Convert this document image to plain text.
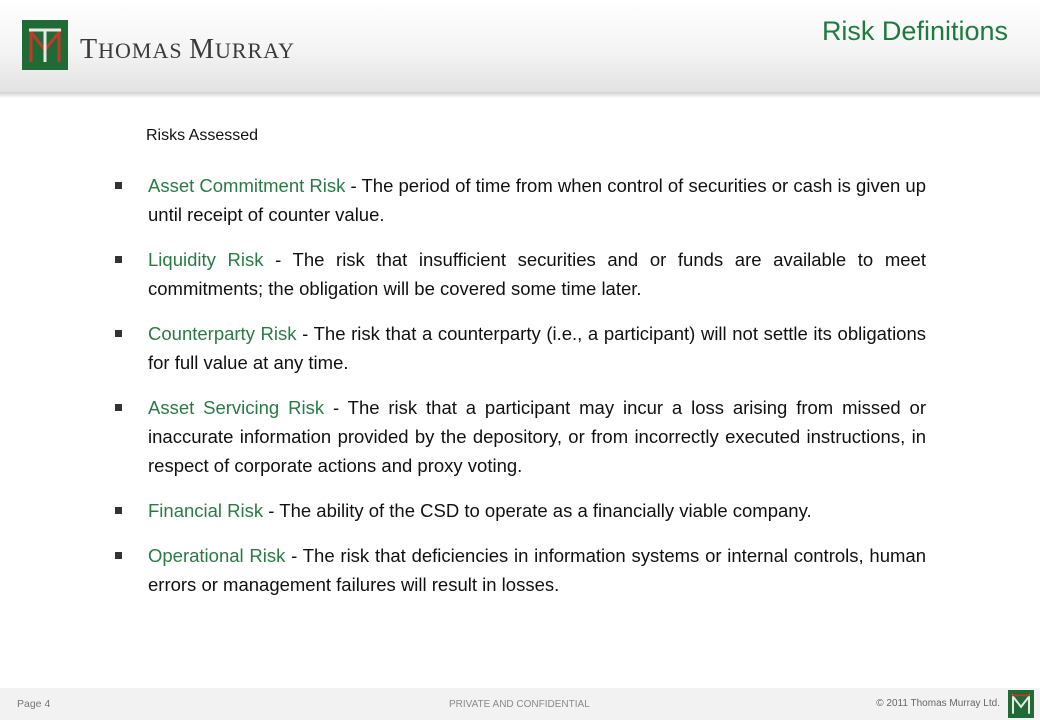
THOMAS MURRAY
Risk Definitions
Risks Assessed
Asset Commitment Risk - The period of time from when control of securities or cash is given up until receipt of counter value.
Liquidity Risk - The risk that insufficient securities and or funds are available to meet commitments; the obligation will be covered some time later.
Counterparty Risk - The risk that a counterparty (i.e., a participant) will not settle its obligations for full value at any time.
Asset Servicing Risk - The risk that a participant may incur a loss arising from missed or inaccurate information provided by the depository, or from incorrectly executed instructions, in respect of corporate actions and proxy voting.
Financial Risk - The ability of the CSD to operate as a financially viable company.
Operational Risk - The risk that deficiencies in information systems or internal controls, human errors or management failures will result in losses.
Page 4	PRIVATE AND CONFIDENTIAL	© 2011 Thomas Murray Ltd.
